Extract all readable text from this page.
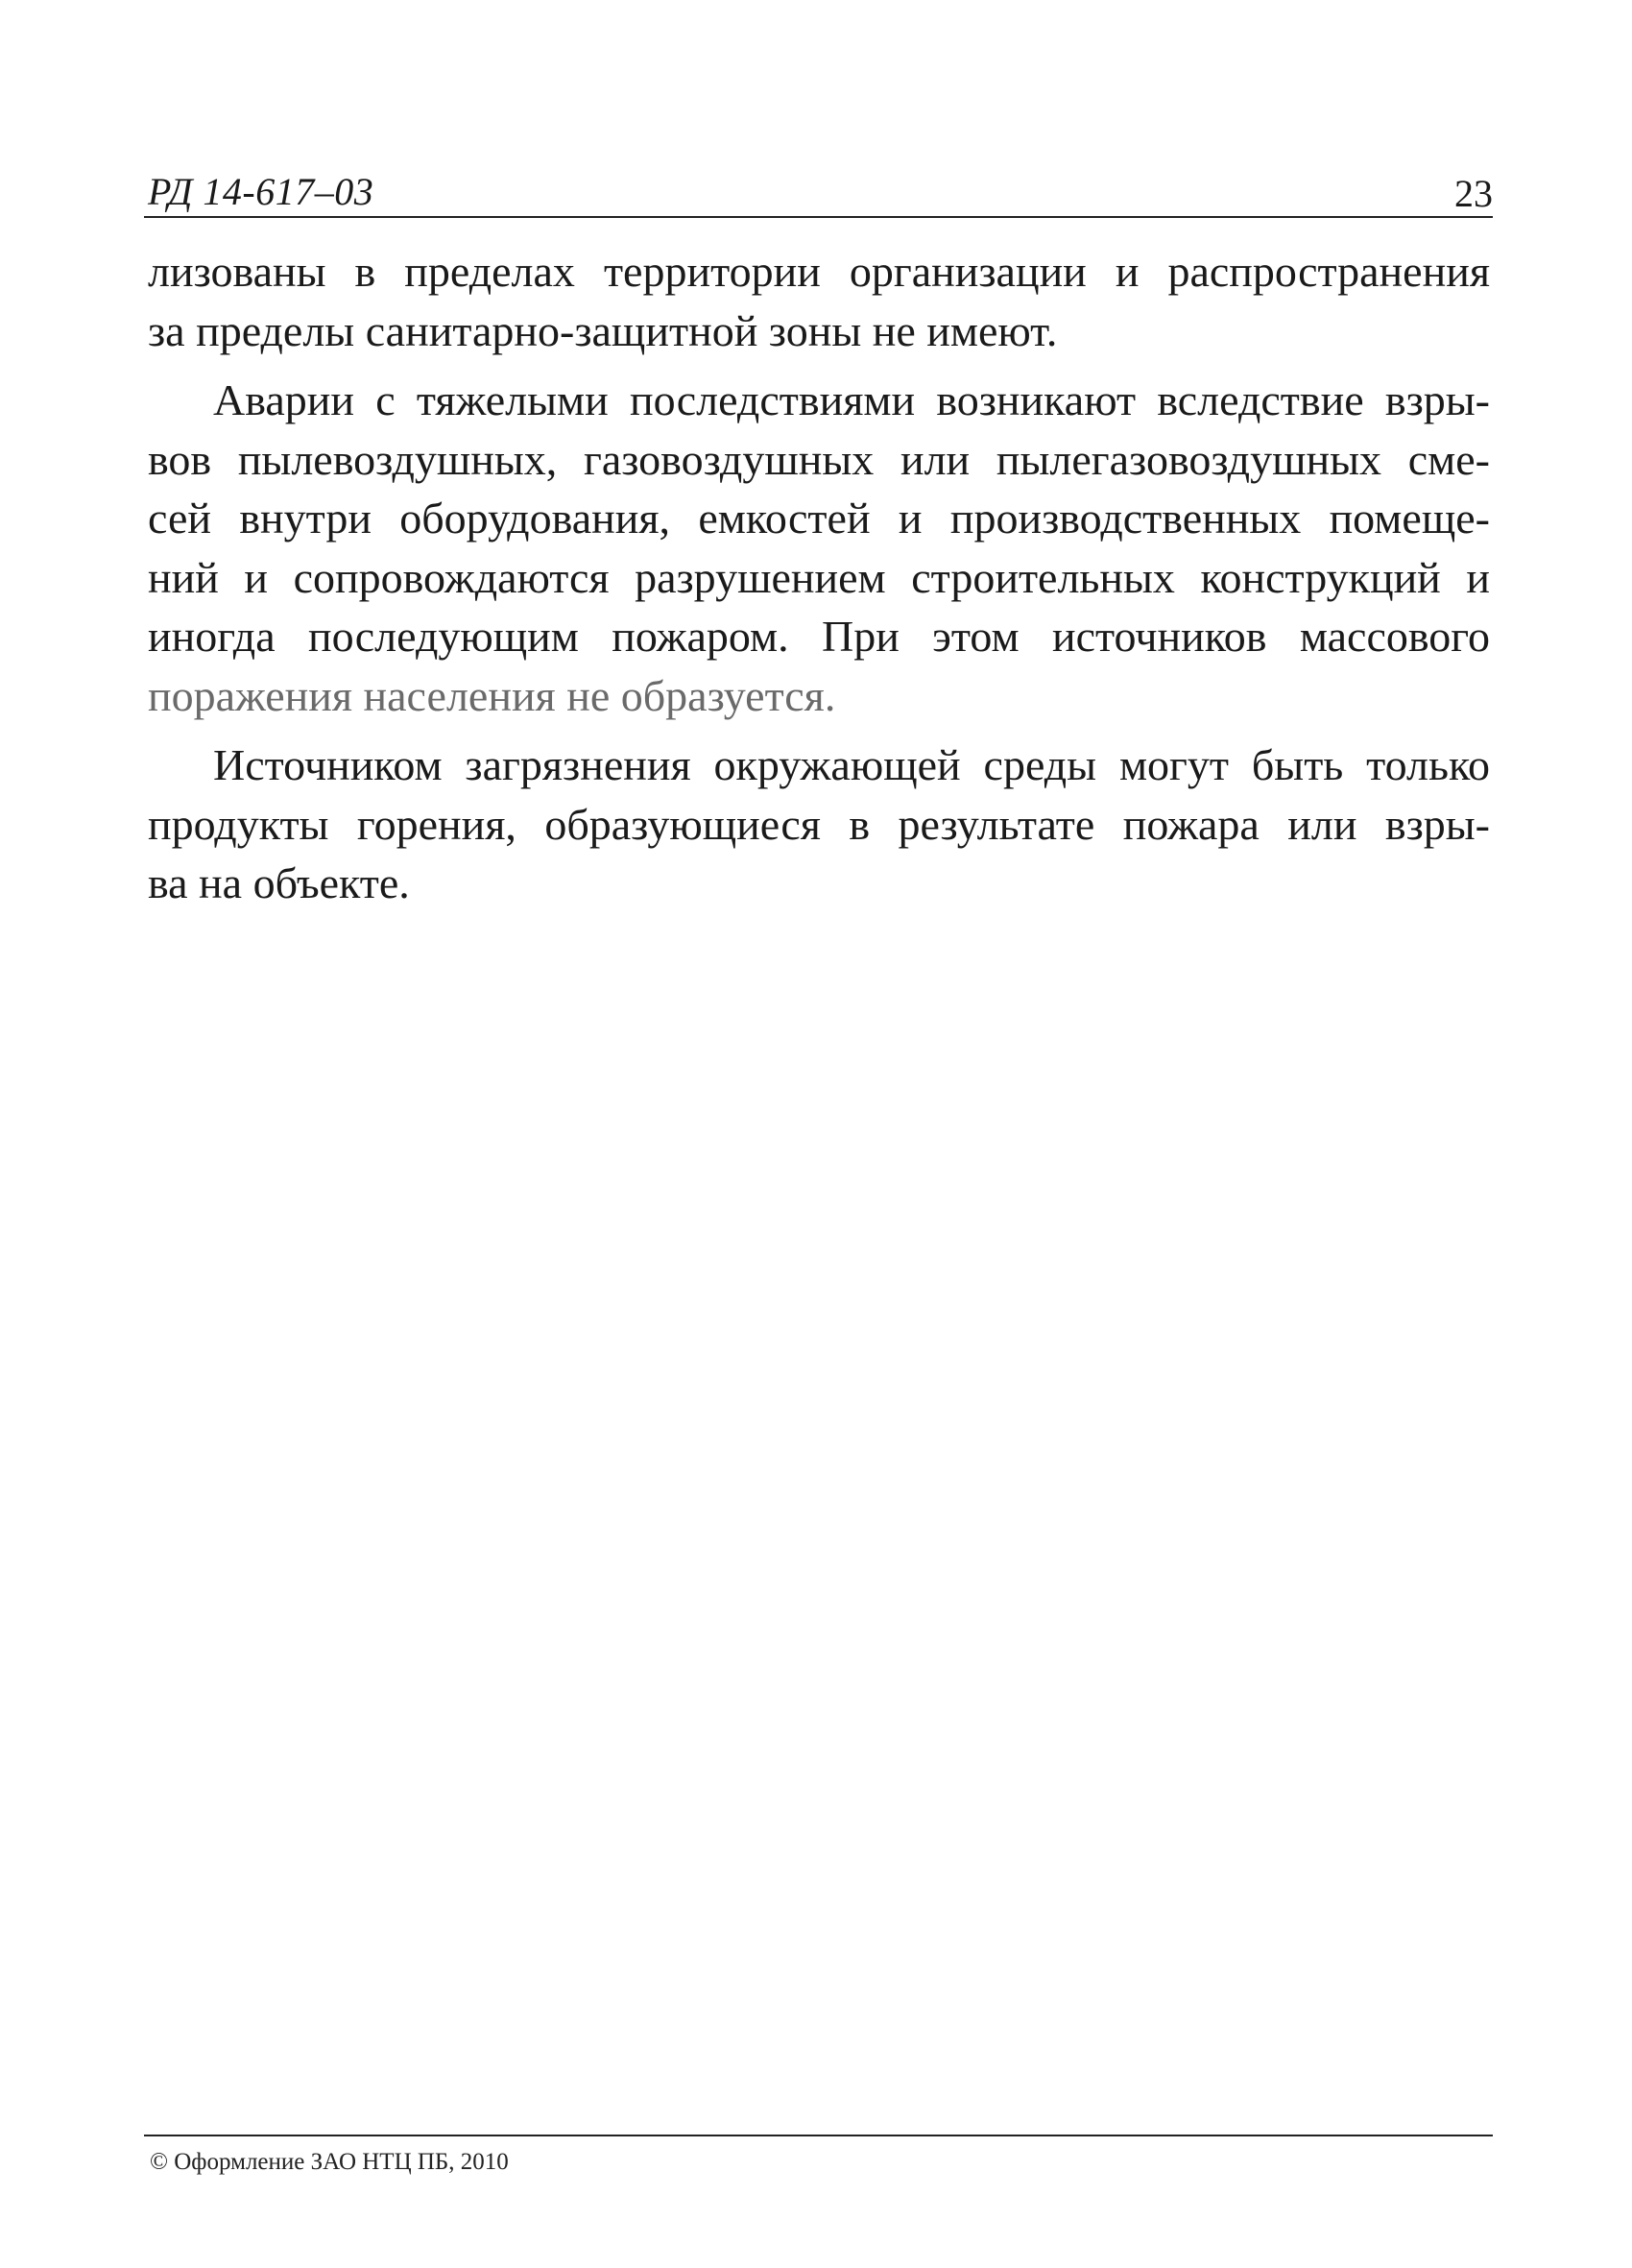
РД 14-617–03	23

лизованы в пределах территории организации и распространения
за пределы санитарно-защитной зоны не имеют.

Аварии с тяжелыми последствиями возникают вследствие взры-
вов пылевоздушных, газовоздушных или пылегазовоздушных сме-
сей внутри оборудования, емкостей и производственных помеще-
ний и сопровождаются разрушением строительных конструкций и
иногда последующим пожаром. При этом источников массового
поражения населения не образуется.

Источником загрязнения окружающей среды могут быть только
продукты горения, образующиеся в результате пожара или взры-
ва на объекте.

© Оформление ЗАО НТЦ ПБ, 2010
